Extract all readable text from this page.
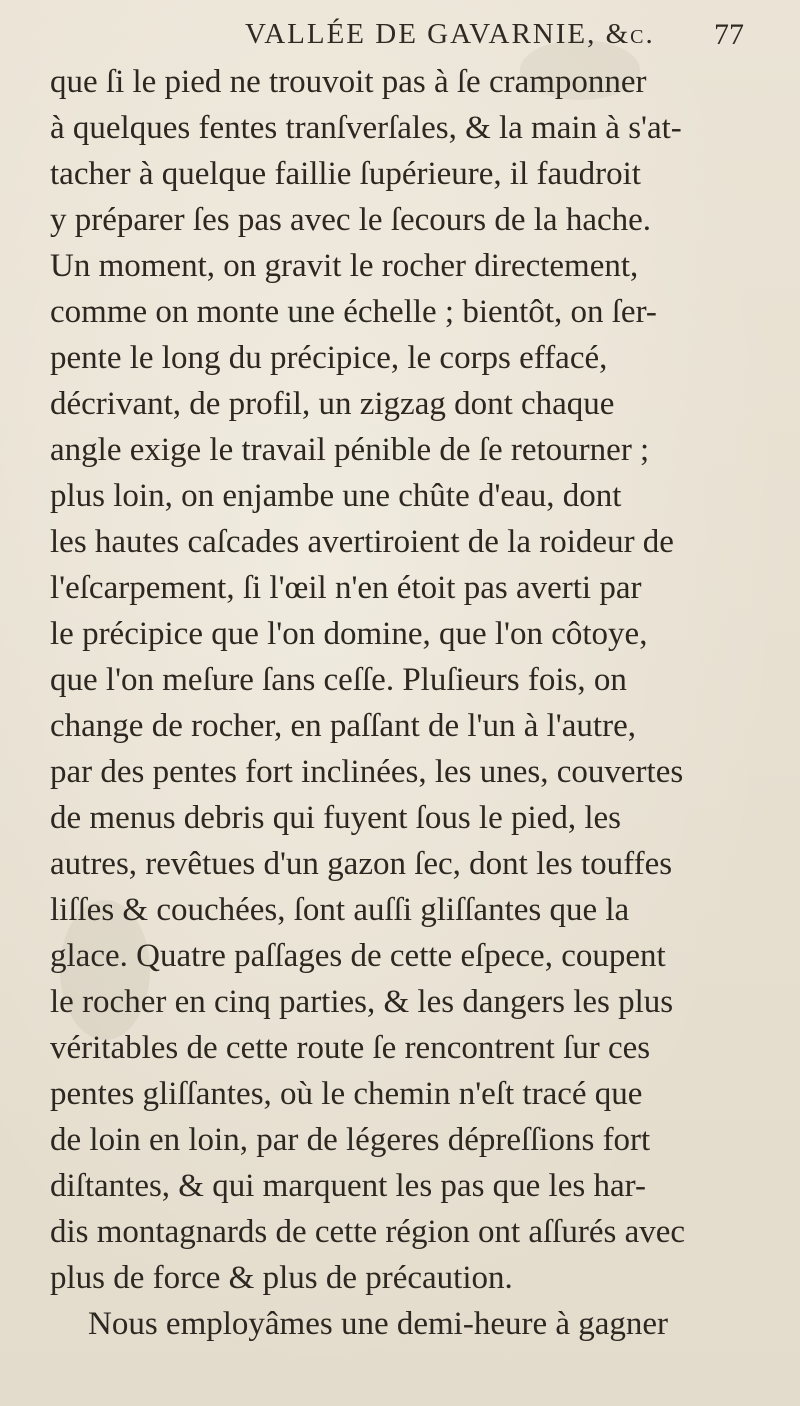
VALLÉE DE GAVARNIE, &c. 77
que ſi le pied ne trouvoit pas à ſe cramponner
à quelques fentes tranſverſales, & la main à s'at-
tacher à quelque faillie ſupérieure, il faudroit
y préparer ſes pas avec le ſecours de la hache.
Un moment, on gravit le rocher directement,
comme on monte une échelle ; bientôt, on ſer-
pente le long du précipice, le corps effacé,
décrivant, de profil, un zigzag dont chaque
angle exige le travail pénible de ſe retourner ;
plus loin, on enjambe une chûte d'eau, dont
les hautes caſcades avertiroient de la roideur de
l'eſcarpement, ſi l'œil n'en étoit pas averti par
le précipice que l'on domine, que l'on côtoye,
que l'on meſure ſans ceſſe. Pluſieurs fois, on
change de rocher, en paſſant de l'un à l'autre,
par des pentes fort inclinées, les unes, couvertes
de menus debris qui fuyent ſous le pied, les
autres, revêtues d'un gazon ſec, dont les touffes
liſſes & couchées, ſont auſſi gliſſantes que la
glace. Quatre paſſages de cette eſpece, coupent
le rocher en cinq parties, & les dangers les plus
véritables de cette route ſe rencontrent ſur ces
pentes gliſſantes, où le chemin n'eſt tracé que
de loin en loin, par de légeres dépreſſions fort
diſtantes, & qui marquent les pas que les har-
dis montagnards de cette région ont aſſurés avec
plus de force & plus de précaution.
Nous employâmes une demi-heure à gagner
